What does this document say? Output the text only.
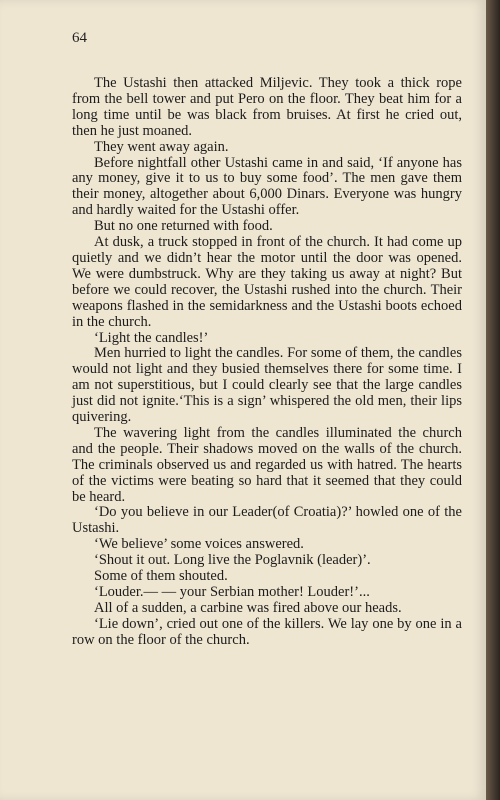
64

The Ustashi then attacked Miljevic. They took a thick rope from the bell tower and put Pero on the floor. They beat him for a long time until be was black from bruises. At first he cried out, then he just moaned.

They went away again.

Before nightfall other Ustashi came in and said, ‘If anyone has any money, give it to us to buy some food’. The men gave them their money, altogether about 6,000 Dinars. Everyone was hungry and hardly waited for the Ustashi offer.

But no one returned with food.

At dusk, a truck stopped in front of the church. It had come up quietly and we didn’t hear the motor until the door was opened. We were dumbstruck. Why are they taking us away at night? But before we could recover, the Ustashi rushed into the church. Their weapons flashed in the semidarkness and the Ustashi boots echoed in the church.

‘Light the candles!’

Men hurried to light the candles. For some of them, the candles would not light and they busied themselves there for some time. I am not superstitious, but I could clearly see that the large candles just did not ignite.‘This is a sign’ whispered the old men, their lips quivering.

The wavering light from the candles illuminated the church and the people. Their shadows moved on the walls of the church. The criminals observed us and regarded us with hatred. The hearts of the victims were beating so hard that it seemed that they could be heard.

‘Do you believe in our Leader(of Croatia)?’ howled one of the Ustashi.

‘We believe’ some voices answered.

‘Shout it out. Long live the Poglavnik (leader)’.

Some of them shouted.

‘Louder.— — your Serbian mother! Louder!’...

All of a sudden, a carbine was fired above our heads.

‘Lie down’, cried out one of the killers. We lay one by one in a row on the floor of the church.
